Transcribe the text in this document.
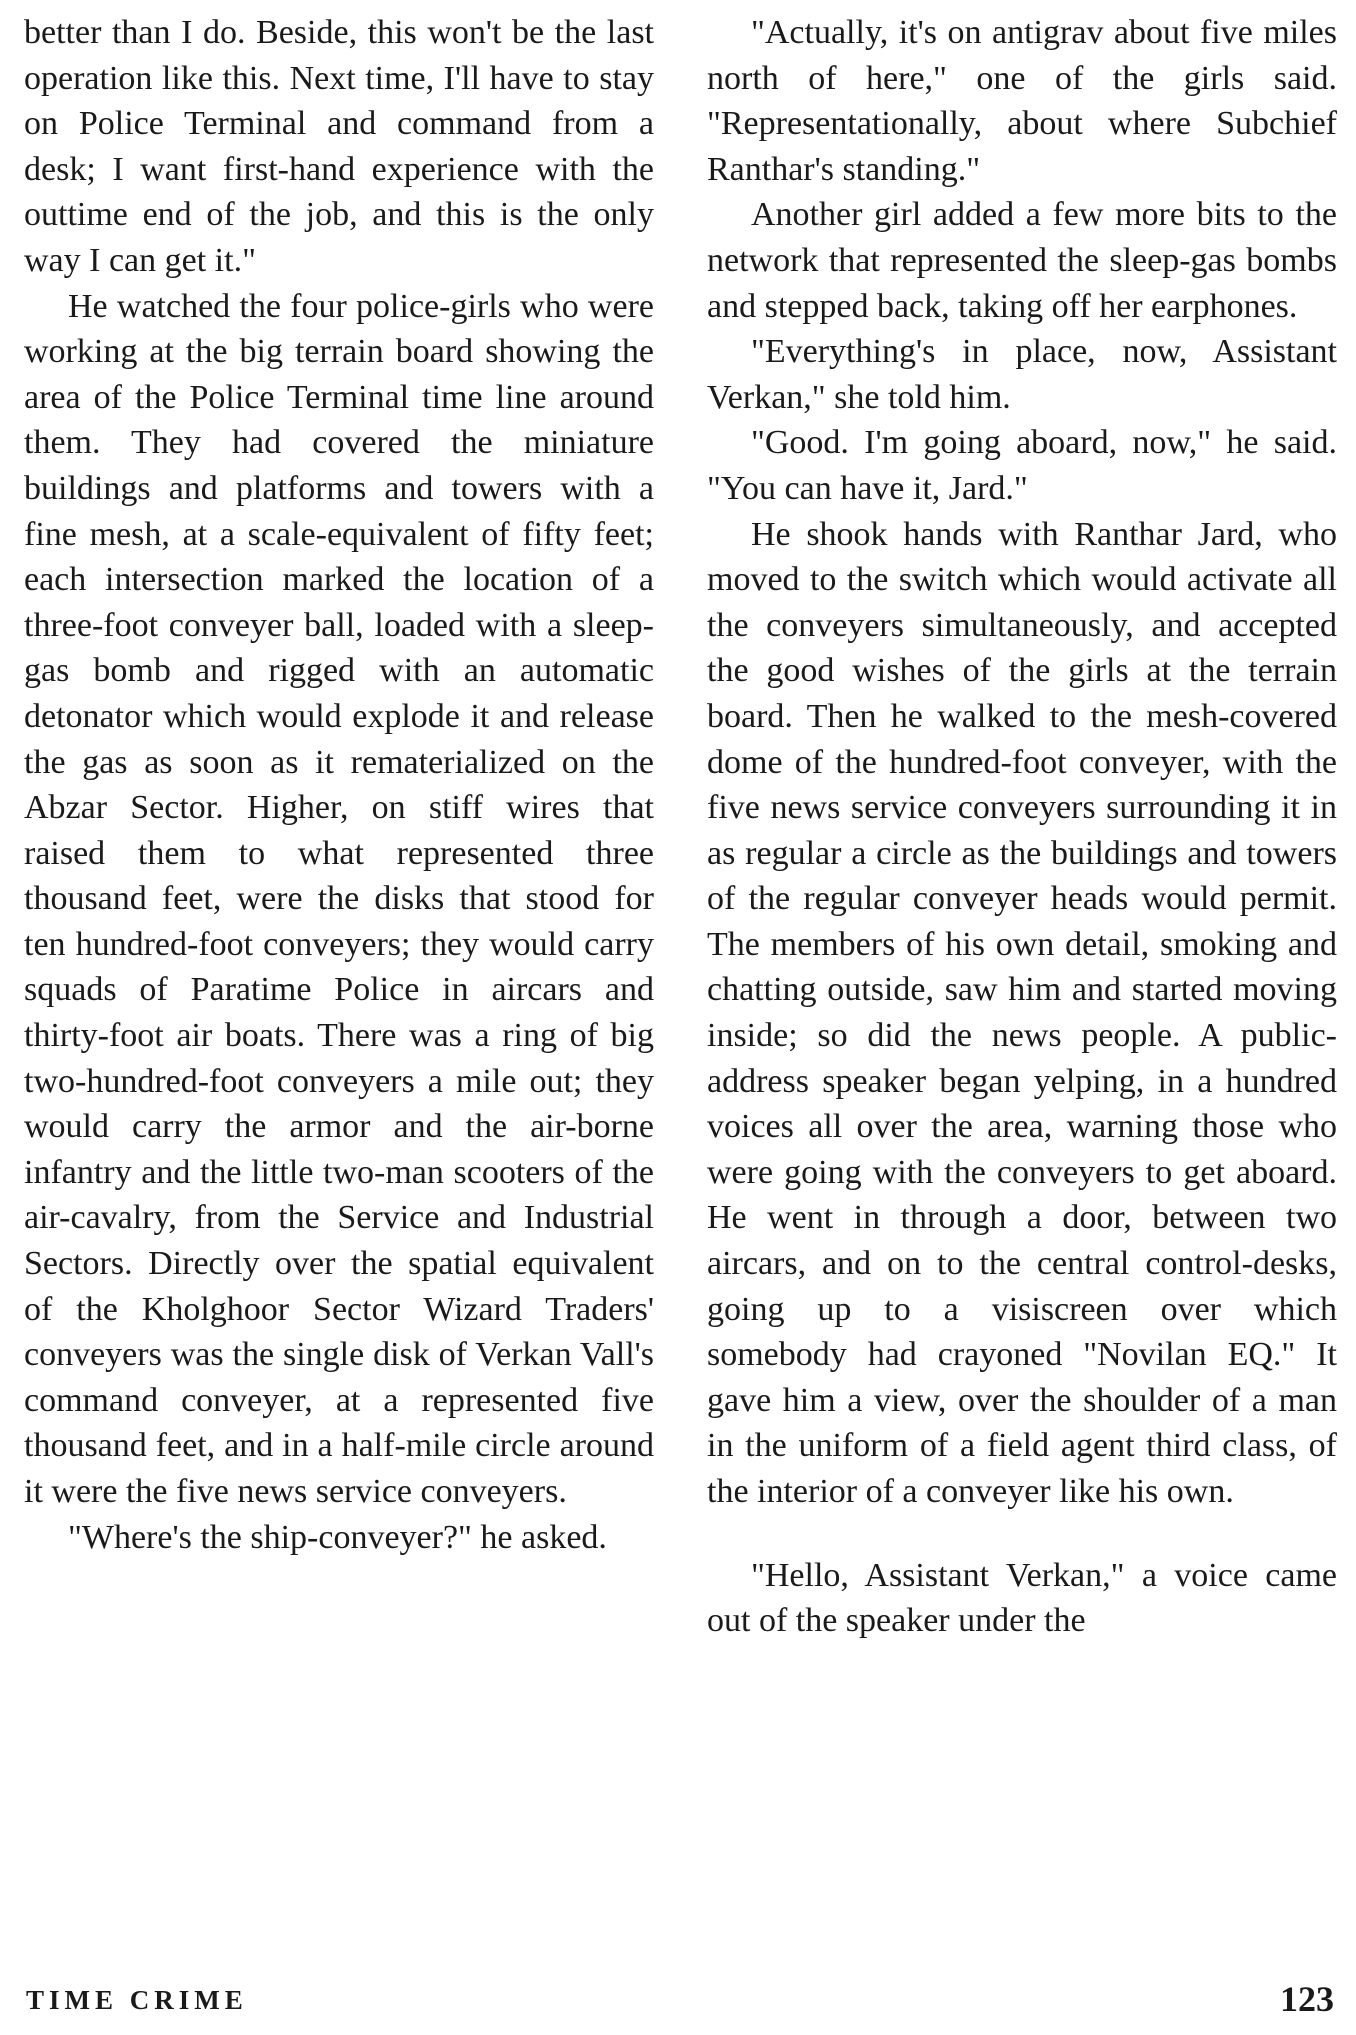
better than I do. Beside, this won't be the last operation like this. Next time, I'll have to stay on Police Terminal and command from a desk; I want first-hand experience with the outtime end of the job, and this is the only way I can get it."

He watched the four police-girls who were working at the big terrain board showing the area of the Police Terminal time line around them. They had covered the miniature buildings and platforms and towers with a fine mesh, at a scale-equivalent of fifty feet; each intersection marked the location of a three-foot conveyer ball, loaded with a sleep-gas bomb and rigged with an automatic detonator which would explode it and release the gas as soon as it rematerialized on the Abzar Sector. Higher, on stiff wires that raised them to what represented three thousand feet, were the disks that stood for ten hundred-foot conveyers; they would carry squads of Paratime Police in aircars and thirty-foot air boats. There was a ring of big two-hundred-foot conveyers a mile out; they would carry the armor and the air-borne infantry and the little two-man scooters of the air-cavalry, from the Service and Industrial Sectors. Directly over the spatial equivalent of the Kholghoor Sector Wizard Traders' conveyers was the single disk of Verkan Vall's command conveyer, at a represented five thousand feet, and in a half-mile circle around it were the five news service conveyers.

"Where's the ship-conveyer?" he asked.

"Actually, it's on antigrav about five miles north of here," one of the girls said. "Representationally, about where Subchief Ranthar's standing."

Another girl added a few more bits to the network that represented the sleep-gas bombs and stepped back, taking off her earphones.

"Everything's in place, now, Assistant Verkan," she told him.

"Good. I'm going aboard, now," he said. "You can have it, Jard."

He shook hands with Ranthar Jard, who moved to the switch which would activate all the conveyers simultaneously, and accepted the good wishes of the girls at the terrain board. Then he walked to the mesh-covered dome of the hundred-foot conveyer, with the five news service conveyers surrounding it in as regular a circle as the buildings and towers of the regular conveyer heads would permit. The members of his own detail, smoking and chatting outside, saw him and started moving inside; so did the news people. A public-address speaker began yelping, in a hundred voices all over the area, warning those who were going with the conveyers to get aboard. He went in through a door, between two aircars, and on to the central control-desks, going up to a visiscreen over which somebody had crayoned "Novilan EQ." It gave him a view, over the shoulder of a man in the uniform of a field agent third class, of the interior of a conveyer like his own.

"Hello, Assistant Verkan," a voice came out of the speaker under the

TIME CRIME	123
